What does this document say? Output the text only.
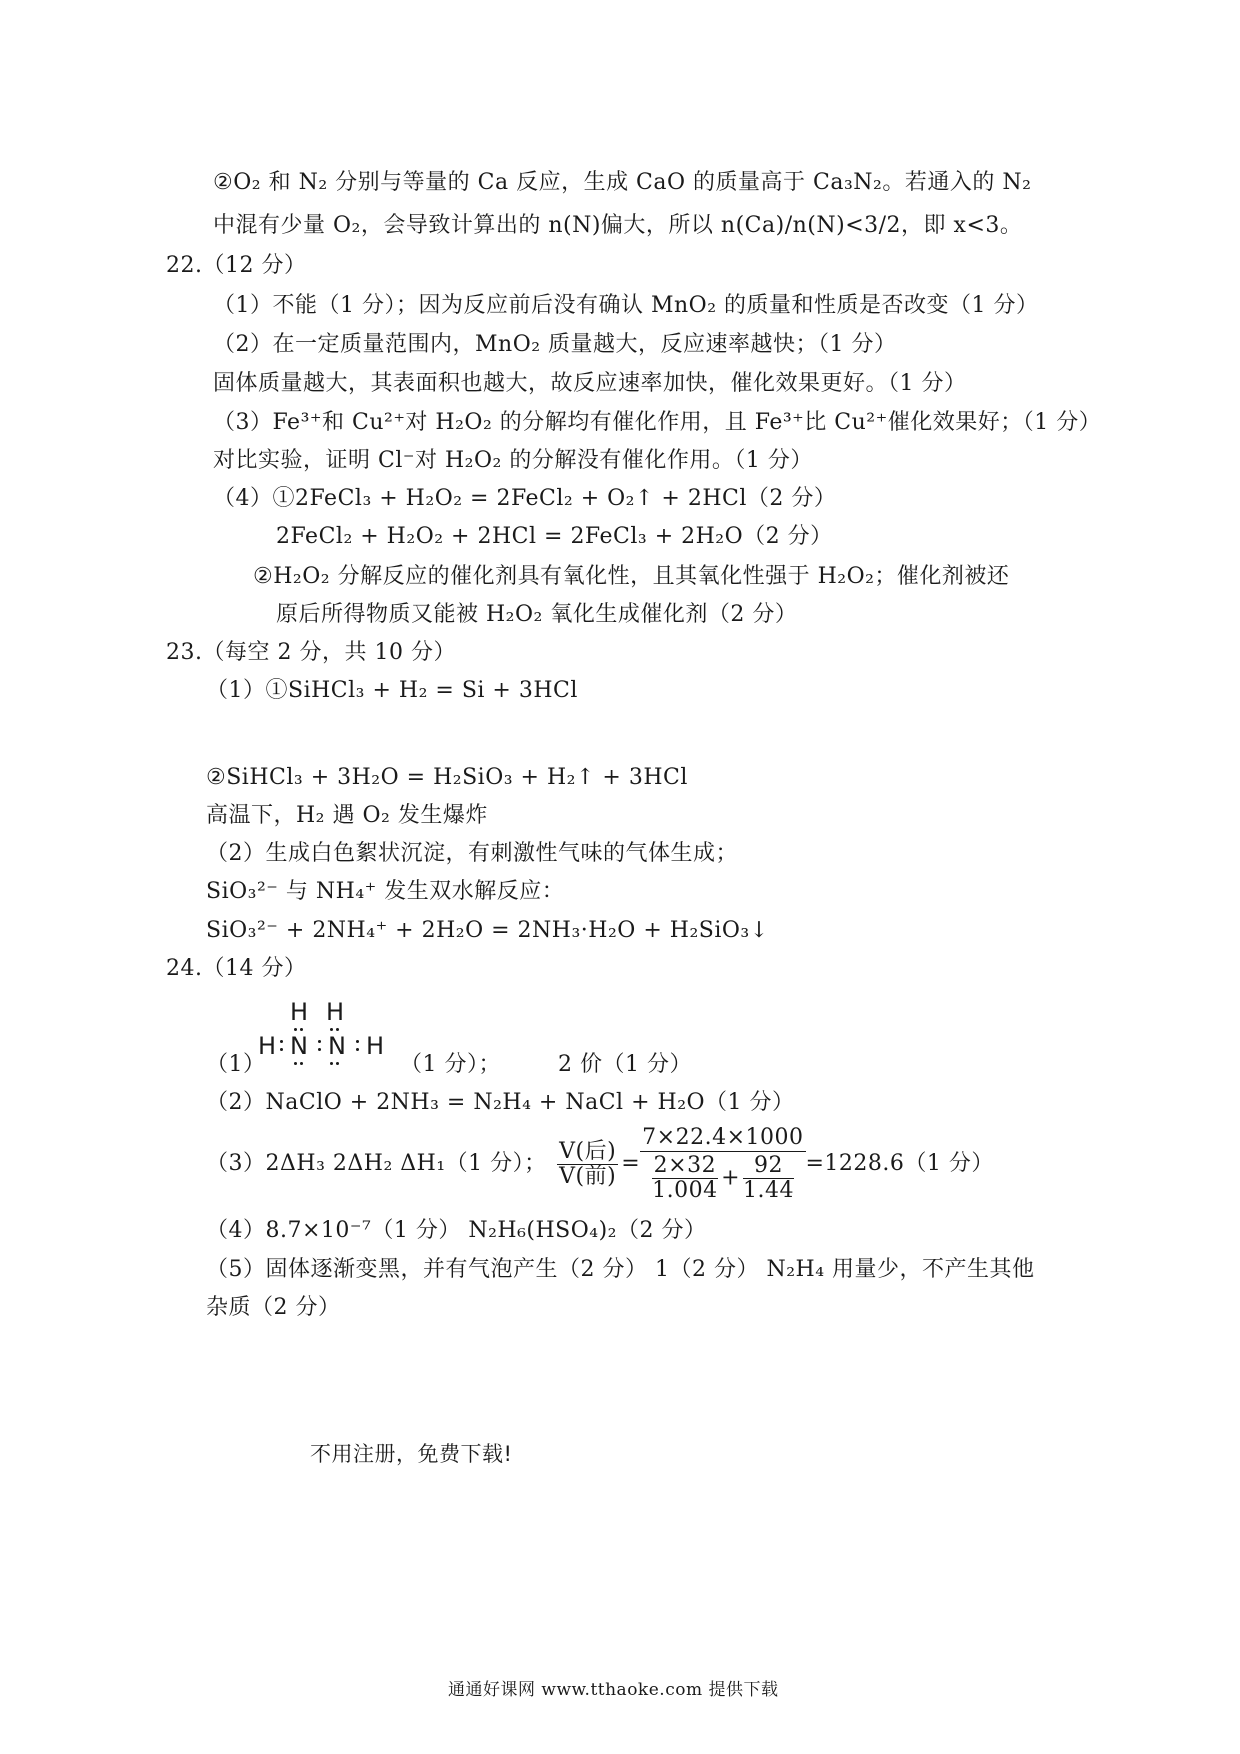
②O₂ 和 N₂ 分别与等量的 Ca 反应，生成 CaO 的质量高于 Ca₃N₂。若通入的 N₂
中混有少量 O₂，会导致计算出的 n(N)偏大，所以 n(Ca)/n(N)<3/2，即 x<3。
22.（12 分）
（1）不能（1 分）；因为反应前后没有确认 MnO₂ 的质量和性质是否改变（1 分）
（2）在一定质量范围内，MnO₂ 质量越大，反应速率越快；（1 分）
固体质量越大，其表面积也越大，故反应速率加快，催化效果更好。（1 分）
（3）Fe³⁺和 Cu²⁺对 H₂O₂ 的分解均有催化作用，且 Fe³⁺比 Cu²⁺催化效果好；（1 分）
对比实验，证明 Cl⁻对 H₂O₂ 的分解没有催化作用。（1 分）
（4）①2FeCl₃ + H₂O₂ = 2FeCl₂ + O₂↑ + 2HCl（2 分）
2FeCl₂ + H₂O₂ + 2HCl = 2FeCl₃ + 2H₂O（2 分）
②H₂O₂ 分解反应的催化剂具有氧化性，且其氧化性强于 H₂O₂；催化剂被还
原后所得物质又能被 H₂O₂ 氧化生成催化剂（2 分）
23.（每空 2 分，共 10 分）
（1）①SiHCl₃ + H₂ = Si + 3HCl
②SiHCl₃ + 3H₂O = H₂SiO₃ + H₂↑ + 3HCl
高温下，H₂ 遇 O₂ 发生爆炸
（2）生成白色絮状沉淀，有刺激性气味的气体生成；
SiO₃²⁻ 与 NH₄⁺ 发生双水解反应：
SiO₃²⁻ + 2NH₄⁺ + 2H₂O = 2NH₃·H₂O + H₂SiO₃↓
24.（14 分）
（1）
H H
H N N H
（1 分）；	2 价（1 分）
（2）NaClO + 2NH₃ = N₂H₄ + NaCl + H₂O（1 分）
（3）2ΔH₃ 2ΔH₂ ΔH₁（1 分）； $\frac{\text{V(后)}}{\text{V(前)}} = \frac{7\times 22.4\times 1000}{\frac{2\times 32}{1.004} + \frac{92}{1.44}} =1228.6(1$ 分）
（4）8.7×10⁻⁷（1 分） N₂H₆(HSO₄)₂（2 分）
（5）固体逐渐变黑，并有气泡产生（2 分） 1（2 分） N₂H₄ 用量少，不产生其他
杂质（2 分）
不用注册，免费下载!
通通好课网 www.tthaoke.com 提供下载
